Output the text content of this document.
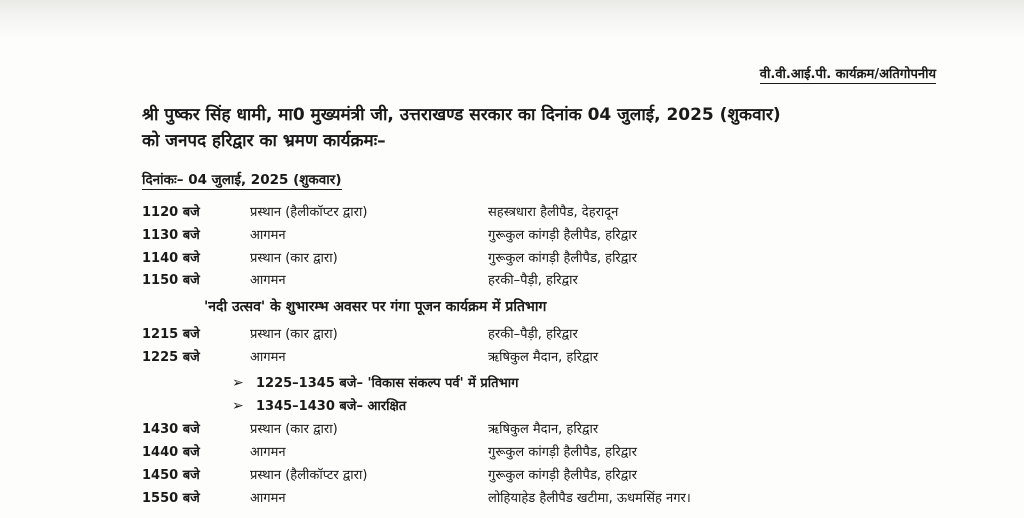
वी.वी.आई.पी. कार्यक्रम/अतिगोपनीय
श्री पुष्कर सिंह धामी, मा0 मुख्यमंत्री जी, उत्तराखण्ड सरकार का दिनांक 04 जुलाई, 2025 (शुकवार)
को जनपद हरिद्वार का भ्रमण कार्यक्रमः–
दिनांकः– 04 जुलाई, 2025 (शुकवार)
1120 बजे	प्रस्थान (हैलीकॉप्टर द्वारा)	सहस्त्रधारा हैलीपैड, देहरादून
1130 बजे	आगमन	गुरूकुल कांगड़ी हैलीपैड, हरिद्वार
1140 बजे	प्रस्थान (कार द्वारा)	गुरूकुल कांगड़ी हैलीपैड, हरिद्वार
1150 बजे	आगमन	हरकी–पैड़ी, हरिद्वार
'नदी उत्सव' के शुभारम्भ अवसर पर गंगा पूजन कार्यक्रम में प्रतिभाग
1215 बजे	प्रस्थान (कार द्वारा)	हरकी–पैड़ी, हरिद्वार
1225 बजे	आगमन	ऋषिकुल मैदान, हरिद्वार
➢ 1225–1345 बजे– 'विकास संकल्प पर्व' में प्रतिभाग
➢ 1345–1430 बजे– आरक्षित
1430 बजे	प्रस्थान (कार द्वारा)	ऋषिकुल मैदान, हरिद्वार
1440 बजे	आगमन	गुरूकुल कांगड़ी हैलीपैड, हरिद्वार
1450 बजे	प्रस्थान (हैलीकॉप्टर द्वारा)	गुरूकुल कांगड़ी हैलीपैड, हरिद्वार
1550 बजे	आगमन	लोहियाहेड हैलीपैड खटीमा, ऊधमसिंह नगर।
